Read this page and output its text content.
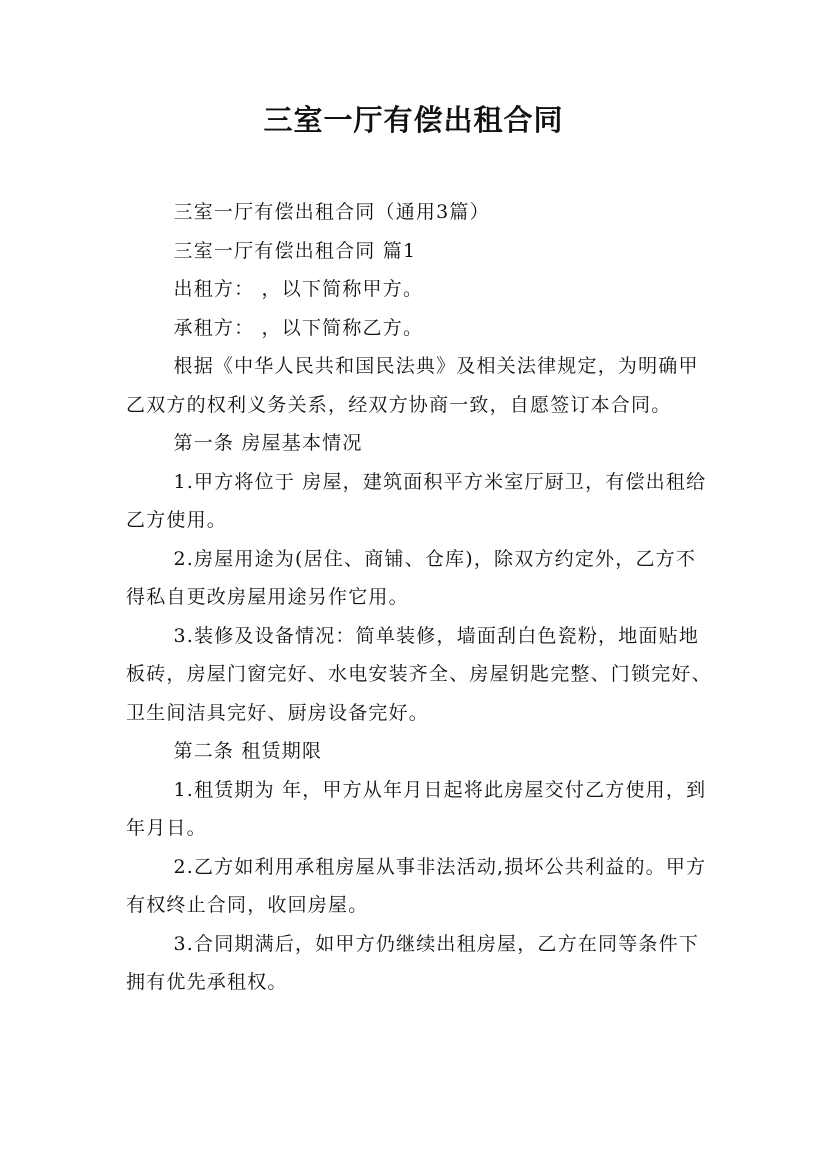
三室一厅有偿出租合同

三室一厅有偿出租合同（通用3篇）

三室一厅有偿出租合同 篇1

出租方： ，以下简称甲方。

承租方： ，以下简称乙方。

根据《中华人民共和国民法典》及相关法律规定，为明确甲乙双方的权利义务关系，经双方协商一致，自愿签订本合同。

第一条 房屋基本情况

1.甲方将位于 房屋，建筑面积平方米室厅厨卫，有偿出租给乙方使用。

2.房屋用途为(居住、商铺、仓库)，除双方约定外，乙方不得私自更改房屋用途另作它用。

3.装修及设备情况：简单装修，墙面刮白色瓷粉，地面贴地板砖，房屋门窗完好、水电安装齐全、房屋钥匙完整、门锁完好、卫生间洁具完好、厨房设备完好。

第二条 租赁期限

1.租赁期为 年，甲方从年月日起将此房屋交付乙方使用，到年月日。

2.乙方如利用承租房屋从事非法活动,损坏公共利益的。甲方有权终止合同，收回房屋。

3.合同期满后，如甲方仍继续出租房屋，乙方在同等条件下拥有优先承租权。
